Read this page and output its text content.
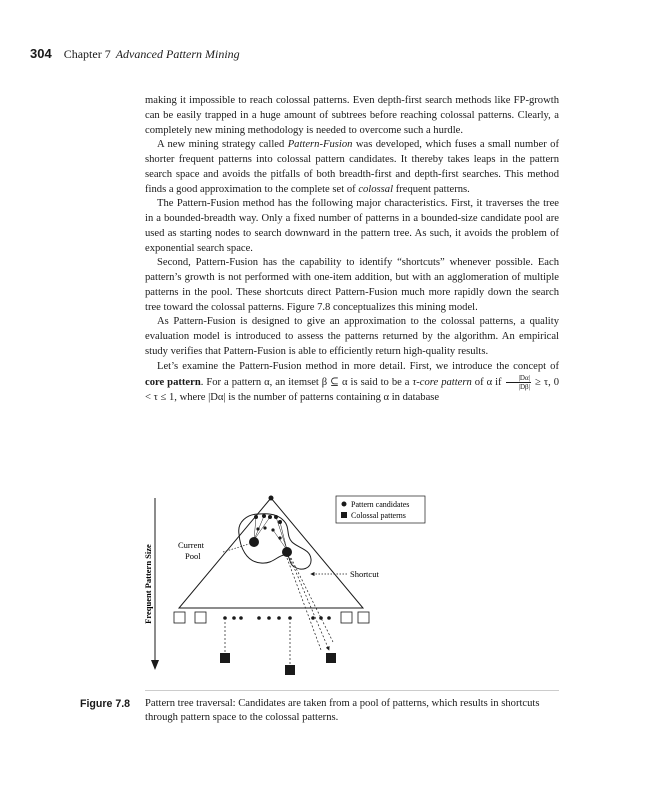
304 Chapter 7 Advanced Pattern Mining

making it impossible to reach colossal patterns. Even depth-first search methods like FP-growth can be easily trapped in a huge amount of subtrees before reaching colossal patterns. Clearly, a completely new mining methodology is needed to overcome such a hurdle.

A new mining strategy called Pattern-Fusion was developed, which fuses a small number of shorter frequent patterns into colossal pattern candidates. It thereby takes leaps in the pattern search space and avoids the pitfalls of both breadth-first and depth-first searches. This method finds a good approximation to the complete set of colossal frequent patterns.

The Pattern-Fusion method has the following major characteristics. First, it traverses the tree in a bounded-breadth way. Only a fixed number of patterns in a bounded-size candidate pool are used as starting nodes to search downward in the pattern tree. As such, it avoids the problem of exponential search space.

Second, Pattern-Fusion has the capability to identify “shortcuts” whenever possible. Each pattern’s growth is not performed with one-item addition, but with an agglomeration of multiple patterns in the pool. These shortcuts direct Pattern-Fusion much more rapidly down the search tree toward the colossal patterns. Figure 7.8 conceptualizes this mining model.

As Pattern-Fusion is designed to give an approximation to the colossal patterns, a quality evaluation model is introduced to assess the patterns returned by the algorithm. An empirical study verifies that Pattern-Fusion is able to efficiently return high-quality results.

Let’s examine the Pattern-Fusion method in more detail. First, we introduce the concept of core pattern. For a pattern α, an itemset β ⊆ α is said to be a τ-core pattern of α if $\frac{|D\alpha|}{|D\beta|} \ge \tau$, 0 < τ ≤ 1, where |Dα| is the number of patterns containing α in database

Frequent Pattern Size	Current
Pool
Shortcut
Pattern candidates
Colossal patterns
Figure 7.8	Pattern tree traversal: Candidates are taken from a pool of patterns, which results in shortcuts through pattern space to the colossal patterns.
